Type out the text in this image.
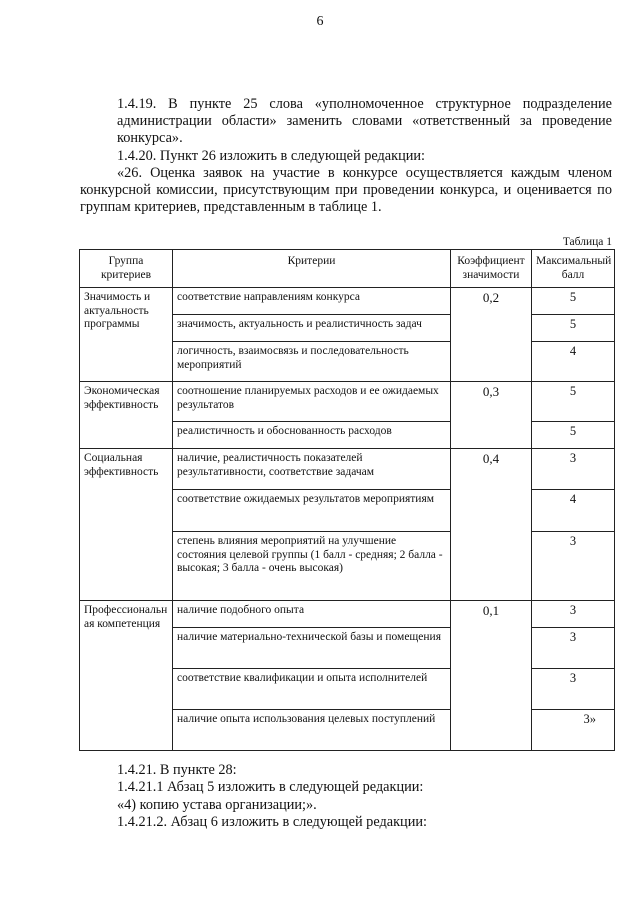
6
1.4.19. В пункте 25 слова «уполномоченное структурное подразделение администрации области» заменить словами «ответственный за проведение конкурса».
1.4.20. Пункт 26 изложить в следующей редакции:
«26. Оценка заявок на участие в конкурсе осуществляется каждым членом конкурсной комиссии, присутствующим при проведении конкурса, и оценивается по группам критериев, представленным в таблице 1.
Таблица 1
Группа критериев	Критерии	Коэффициент значимости	Максимальный балл
Значимость и актуальность программы	соответствие направлениям конкурса	0,2	5
	значимость, актуальность и реалистичность задач		5
	логичность, взаимосвязь и последовательность мероприятий		4
Экономическая эффективность	соотношение планируемых расходов и ее ожидаемых результатов	0,3	5
	реалистичность и обоснованность расходов		5
Социальная эффективность	наличие, реалистичность показателей результативности, соответствие задачам	0,4	3
	соответствие ожидаемых результатов мероприятиям		4
	степень влияния мероприятий на улучшение состояния целевой группы (1 балл - средняя; 2 балла - высокая; 3 балла - очень высокая)		3
Профессиональная компетенция	наличие подобного опыта	0,1	3
	наличие материально-технической базы и помещения		3
	соответствие квалификации и опыта исполнителей		3
	наличие опыта использования целевых поступлений		3»
1.4.21. В пункте 28:
1.4.21.1 Абзац 5 изложить в следующей редакции:
«4) копию устава организации;».
1.4.21.2. Абзац 6 изложить в следующей редакции:
